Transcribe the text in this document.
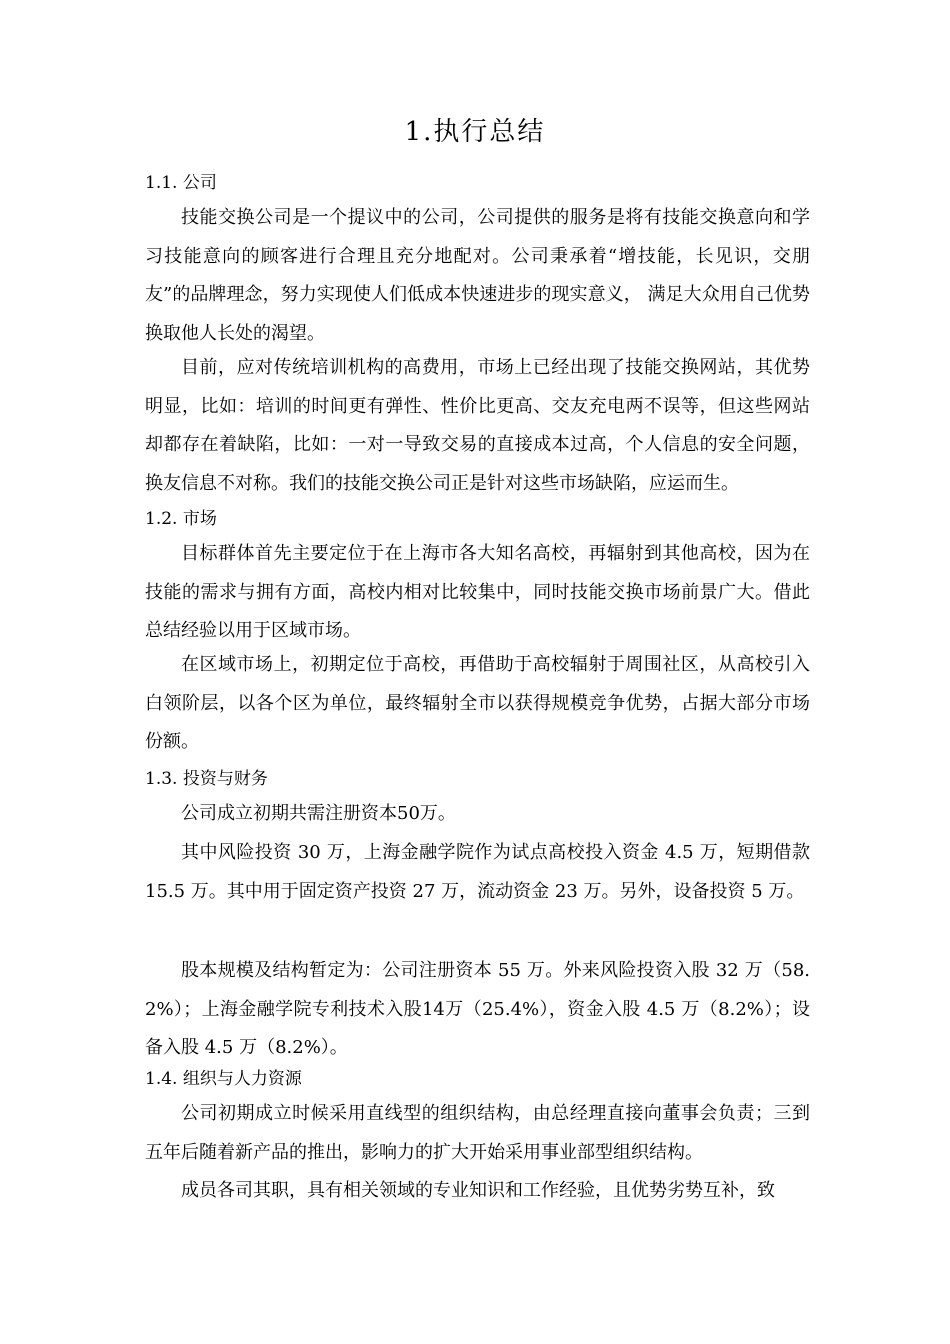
1.执行总结
1.1. 公司
技能交换公司是一个提议中的公司，公司提供的服务是将有技能交换意向和学习技能意向的顾客进行合理且充分地配对。公司秉承着“增技能，长见识，交朋友”的品牌理念，努力实现使人们低成本快速进步的现实意义， 满足大众用自己优势换取他人长处的渴望。
目前，应对传统培训机构的高费用，市场上已经出现了技能交换网站，其优势明显，比如：培训的时间更有弹性、性价比更高、交友充电两不误等，但这些网站却都存在着缺陷，比如：一对一导致交易的直接成本过高，个人信息的安全问题，换友信息不对称。我们的技能交换公司正是针对这些市场缺陷，应运而生。
1.2. 市场
目标群体首先主要定位于在上海市各大知名高校，再辐射到其他高校，因为在技能的需求与拥有方面，高校内相对比较集中，同时技能交换市场前景广大。借此总结经验以用于区域市场。
在区域市场上，初期定位于高校，再借助于高校辐射于周围社区，从高校引入白领阶层，以各个区为单位，最终辐射全市以获得规模竞争优势，占据大部分市场份额。
1.3. 投资与财务
公司成立初期共需注册资本50万。
其中风险投资 30 万，上海金融学院作为试点高校投入资金 4.5 万，短期借款 15.5 万。其中用于固定资产投资 27 万，流动资金 23 万。另外，设备投资 5 万。
股本规模及结构暂定为：公司注册资本 55 万。外来风险投资入股 32 万（58.2%）；上海金融学院专利技术入股14万（25.4%），资金入股 4.5 万（8.2%）；设备入股 4.5 万（8.2%）。
1.4. 组织与人力资源
公司初期成立时候采用直线型的组织结构，由总经理直接向董事会负责；三到五年后随着新产品的推出，影响力的扩大开始采用事业部型组织结构。
成员各司其职，具有相关领域的专业知识和工作经验，且优势劣势互补，致
